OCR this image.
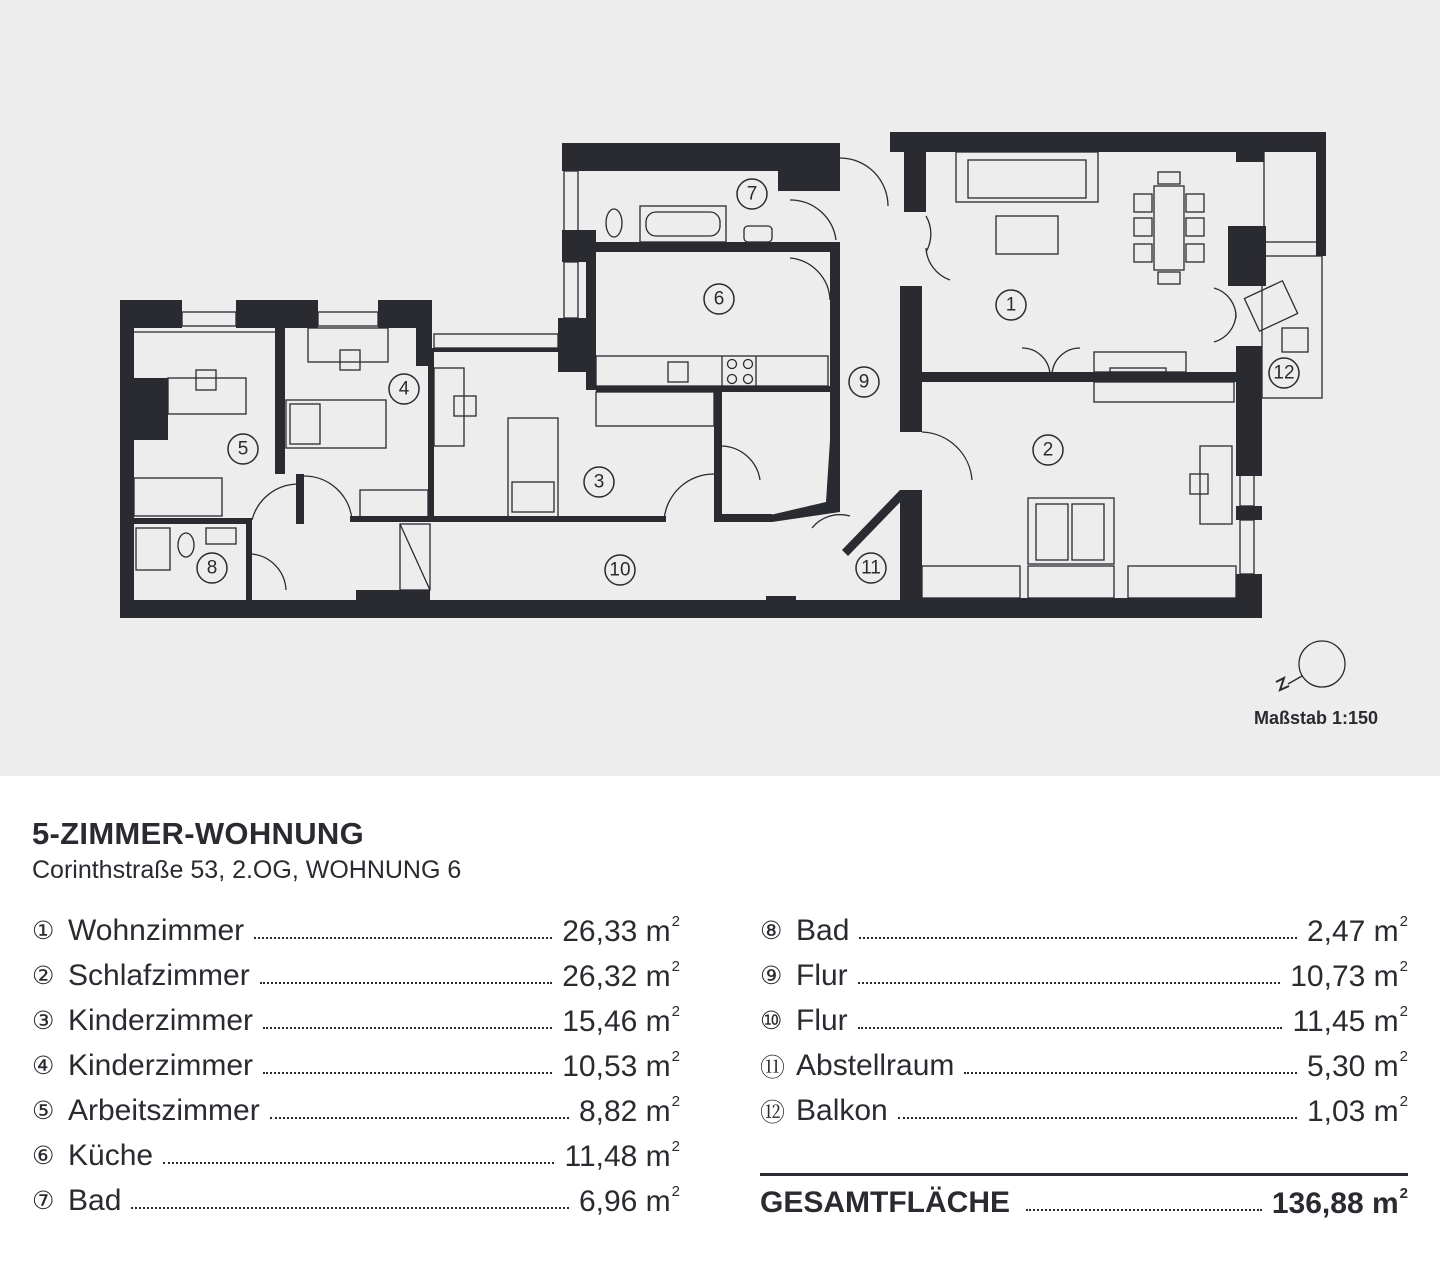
1
2
3
4
5
6
7
8
9
10	11
12
Maßstab 1:150
5-ZIMMER-WOHNUNG
Corinthstraße 53, 2.OG, WOHNUNG 6
① Wohnzimmer	26,33 $m^2$
② Schlafzimmer	26,32 $m^2$
③ Kinderzimmer	15,46 $m^2$
④ Kinderzimmer	10,53 $m^2$
⑤ Arbeitszimmer	8,82 $m^2$
⑥ Küche	11,48 $m^2$
⑦ Bad	6,96 $m^2$
⑧ Bad	2,47 $m^2$
⑨ Flur	10,73 $m^2$
⑩ Flur	11,45 $m^2$
⑪ Abstellraum	5,30 $m^2$
⑫ Balkon	1,03 $m^2$
GESAMTFLÄCHE	136,88 $m^2$
